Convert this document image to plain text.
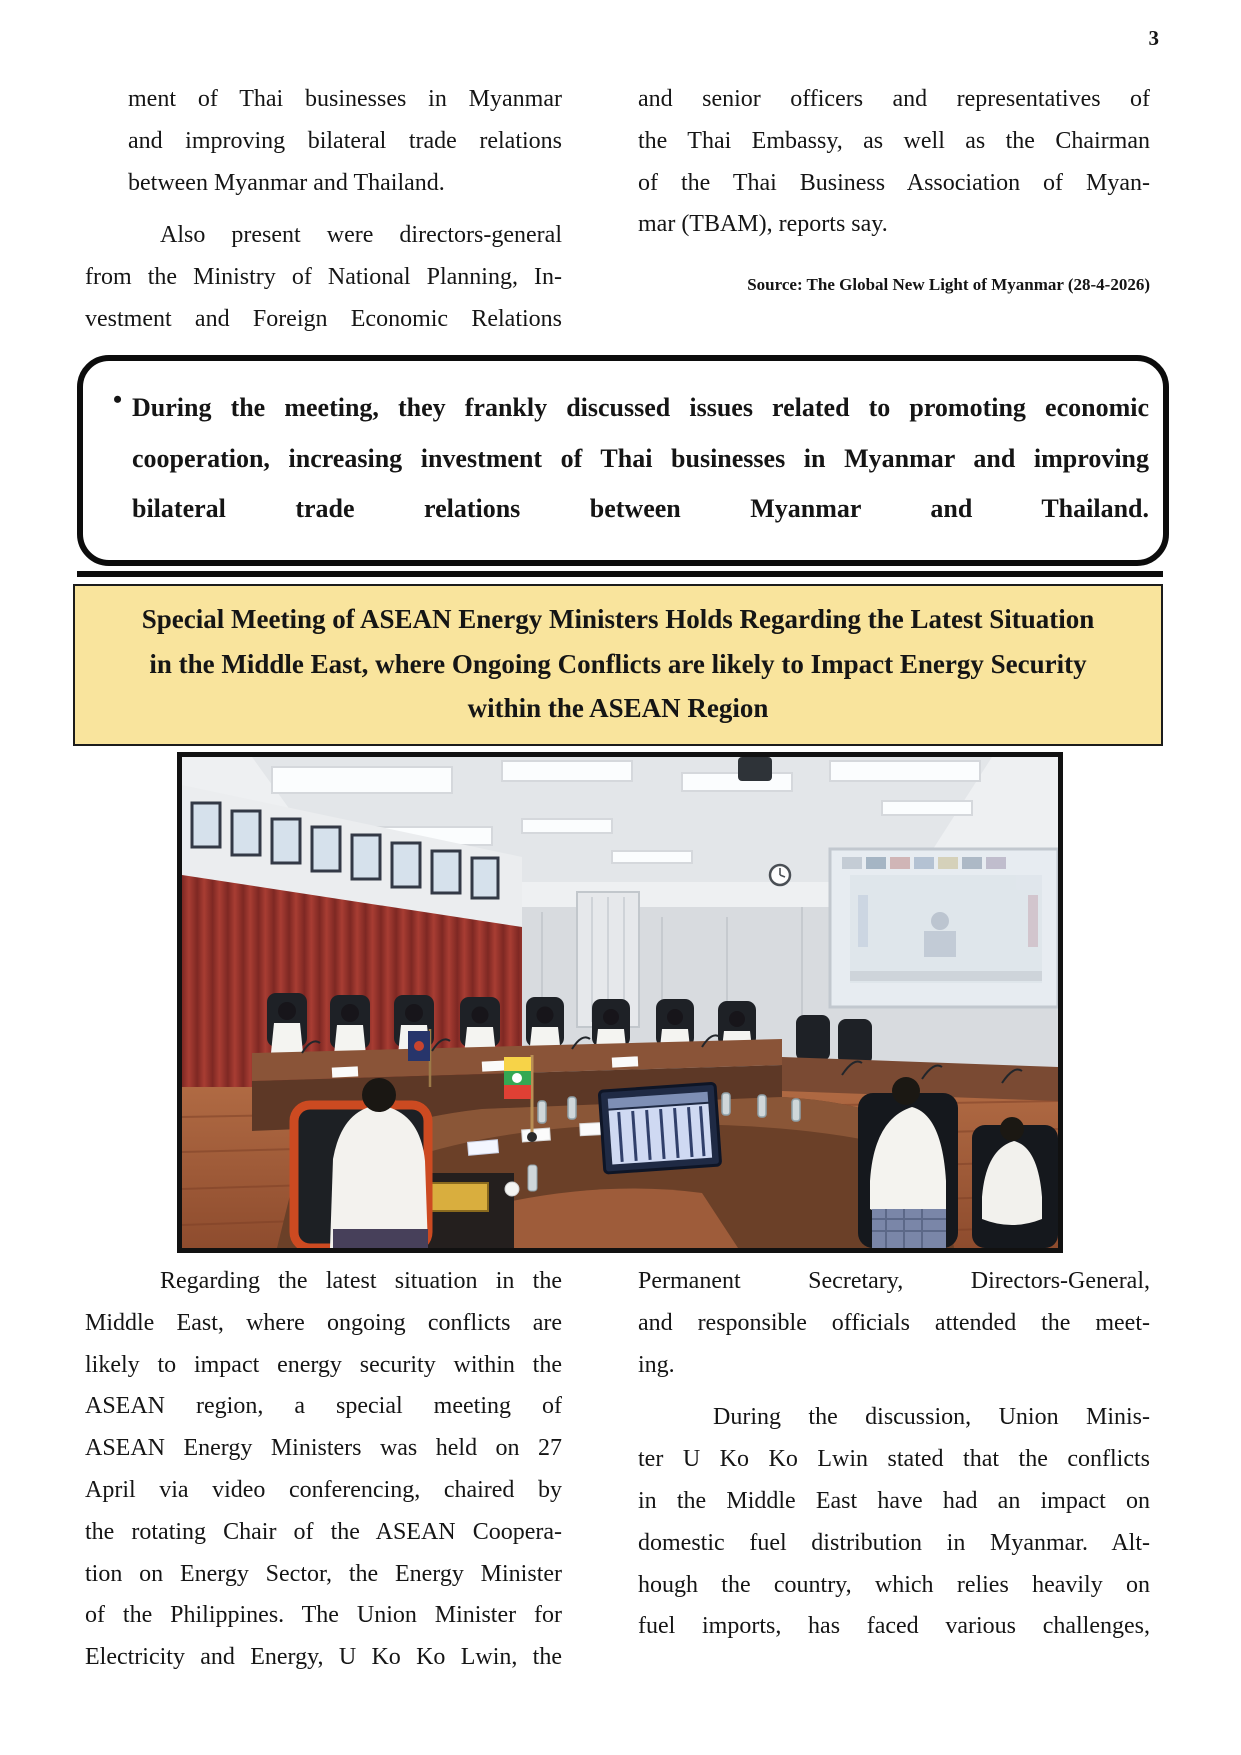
3
ment of Thai businesses in Myanmar
and improving bilateral trade relations
between Myanmar and Thailand.
Also present were directors-general
from the Ministry of National Planning, In-
vestment and Foreign Economic Relations
and senior officers and representatives of
the Thai Embassy, as well as the Chairman
of the Thai Business Association of Myan-
mar (TBAM), reports say.
Source: The Global New Light of Myanmar (28-4-2026)
• During the meeting, they frankly discussed issues related to promoting economic
cooperation, increasing investment of Thai businesses in Myanmar and improving
bilateral trade relations between Myanmar and Thailand.
Special Meeting of ASEAN Energy Ministers Holds Regarding the Latest Situation
in the Middle East, where Ongoing Conflicts are likely to Impact Energy Security
within the ASEAN Region
Regarding the latest situation in the
Middle East, where ongoing conflicts are
likely to impact energy security within the
ASEAN region, a special meeting of
ASEAN Energy Ministers was held on 27
April via video conferencing, chaired by
the rotating Chair of the ASEAN Coopera-
tion on Energy Sector, the Energy Minister
of the Philippines. The Union Minister for
Electricity and Energy, U Ko Ko Lwin, the
Permanent Secretary, Directors-General,
and responsible officials attended the meet-
ing.
During the discussion, Union Minis-
ter U Ko Ko Lwin stated that the conflicts
in the Middle East have had an impact on
domestic fuel distribution in Myanmar. Alt-
hough the country, which relies heavily on
fuel imports, has faced various challenges,
